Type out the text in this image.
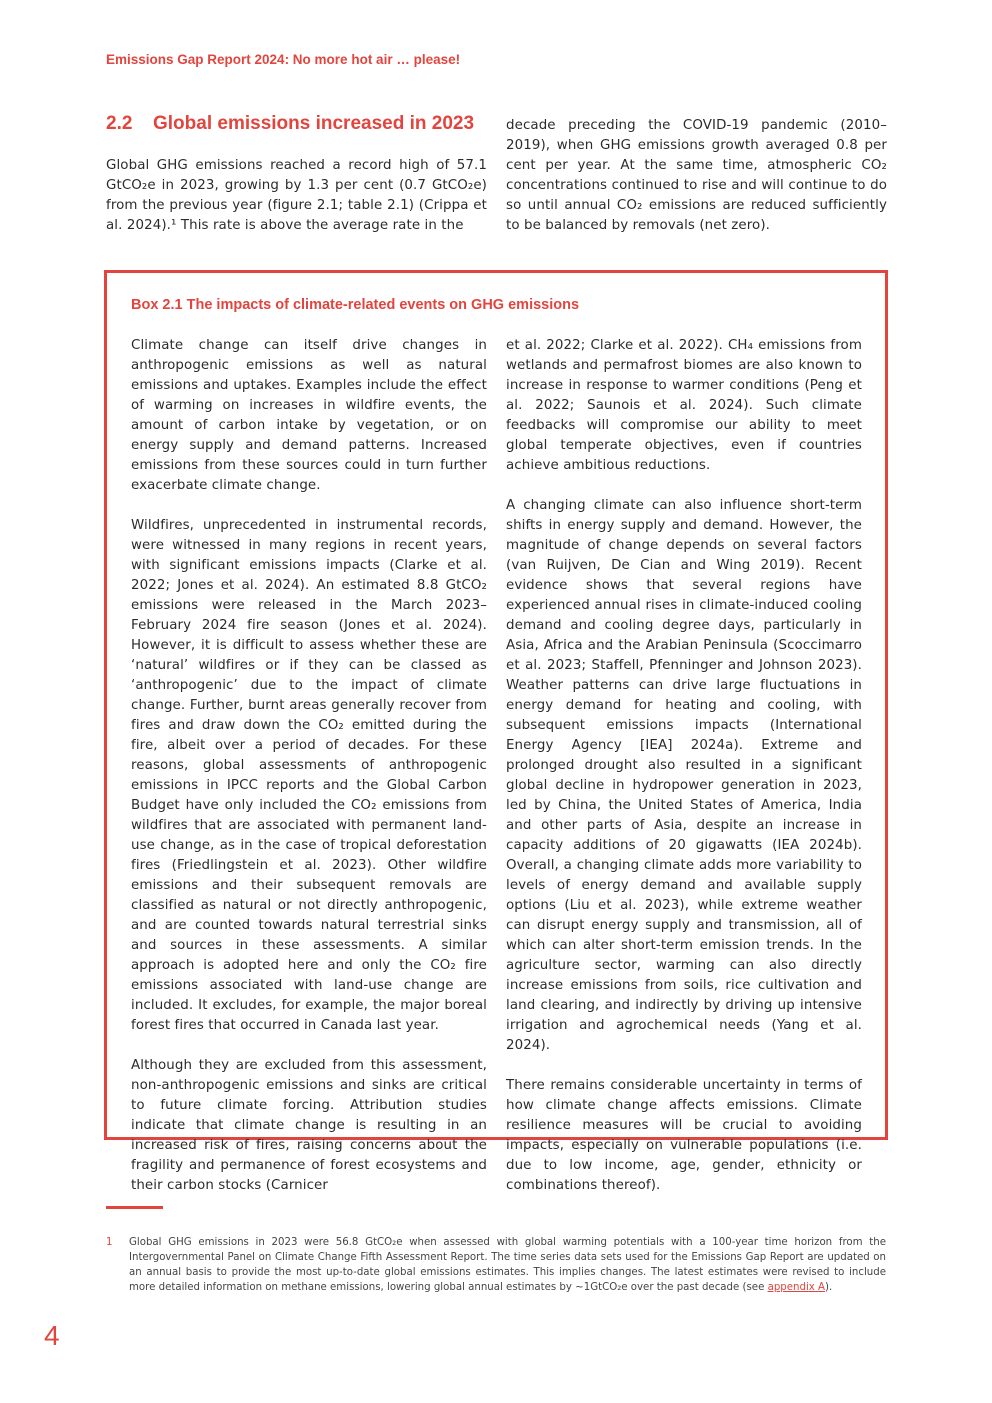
Emissions Gap Report 2024: No more hot air … please!
2.2 Global emissions increased in 2023

Global GHG emissions reached a record high of 57.1 GtCO₂e in 2023, growing by 1.3 per cent (0.7 GtCO₂e) from the previous year (figure 2.1; table 2.1) (Crippa et al. 2024).¹ This rate is above the average rate in the

decade preceding the COVID-19 pandemic (2010–2019), when GHG emissions growth averaged 0.8 per cent per year. At the same time, atmospheric CO₂ concentrations continued to rise and will continue to do so until annual CO₂ emissions are reduced sufficiently to be balanced by removals (net zero).

Box 2.1 The impacts of climate-related events on GHG emissions

Climate change can itself drive changes in anthropogenic emissions as well as natural emissions and uptakes. Examples include the effect of warming on increases in wildfire events, the amount of carbon intake by vegetation, or on energy supply and demand patterns. Increased emissions from these sources could in turn further exacerbate climate change.

Wildfires, unprecedented in instrumental records, were witnessed in many regions in recent years, with significant emissions impacts (Clarke et al. 2022; Jones et al. 2024). An estimated 8.8 GtCO₂ emissions were released in the March 2023–February 2024 fire season (Jones et al. 2024). However, it is difficult to assess whether these are ‘natural’ wildfires or if they can be classed as ‘anthropogenic’ due to the impact of climate change. Further, burnt areas generally recover from fires and draw down the CO₂ emitted during the fire, albeit over a period of decades. For these reasons, global assessments of anthropogenic emissions in IPCC reports and the Global Carbon Budget have only included the CO₂ emissions from wildfires that are associated with permanent land-use change, as in the case of tropical deforestation fires (Friedlingstein et al. 2023). Other wildfire emissions and their subsequent removals are classified as natural or not directly anthropogenic, and are counted towards natural terrestrial sinks and sources in these assessments. A similar approach is adopted here and only the CO₂ fire emissions associated with land-use change are included. It excludes, for example, the major boreal forest fires that occurred in Canada last year.

Although they are excluded from this assessment, non-anthropogenic emissions and sinks are critical to future climate forcing. Attribution studies indicate that climate change is resulting in an increased risk of fires, raising concerns about the fragility and permanence of forest ecosystems and their carbon stocks (Carnicer

et al. 2022; Clarke et al. 2022). CH₄ emissions from wetlands and permafrost biomes are also known to increase in response to warmer conditions (Peng et al. 2022; Saunois et al. 2024). Such climate feedbacks will compromise our ability to meet global temperate objectives, even if countries achieve ambitious reductions.

A changing climate can also influence short-term shifts in energy supply and demand. However, the magnitude of change depends on several factors (van Ruijven, De Cian and Wing 2019). Recent evidence shows that several regions have experienced annual rises in climate-induced cooling demand and cooling degree days, particularly in Asia, Africa and the Arabian Peninsula (Scoccimarro et al. 2023; Staffell, Pfenninger and Johnson 2023). Weather patterns can drive large fluctuations in energy demand for heating and cooling, with subsequent emissions impacts (International Energy Agency [IEA] 2024a). Extreme and prolonged drought also resulted in a significant global decline in hydropower generation in 2023, led by China, the United States of America, India and other parts of Asia, despite an increase in capacity additions of 20 gigawatts (IEA 2024b). Overall, a changing climate adds more variability to levels of energy demand and available supply options (Liu et al. 2023), while extreme weather can disrupt energy supply and transmission, all of which can alter short-term emission trends. In the agriculture sector, warming can also directly increase emissions from soils, rice cultivation and land clearing, and indirectly by driving up intensive irrigation and agrochemical needs (Yang et al. 2024).

There remains considerable uncertainty in terms of how climate change affects emissions. Climate resilience measures will be crucial to avoiding impacts, especially on vulnerable populations (i.e. due to low income, age, gender, ethnicity or combinations thereof).

1 Global GHG emissions in 2023 were 56.8 GtCO₂e when assessed with global warming potentials with a 100-year time horizon from the Intergovernmental Panel on Climate Change Fifth Assessment Report. The time series data sets used for the Emissions Gap Report are updated on an annual basis to provide the most up-to-date global emissions estimates. This implies changes. The latest estimates were revised to include more detailed information on methane emissions, lowering global annual estimates by ~1GtCO₂e over the past decade (see appendix A).
4
